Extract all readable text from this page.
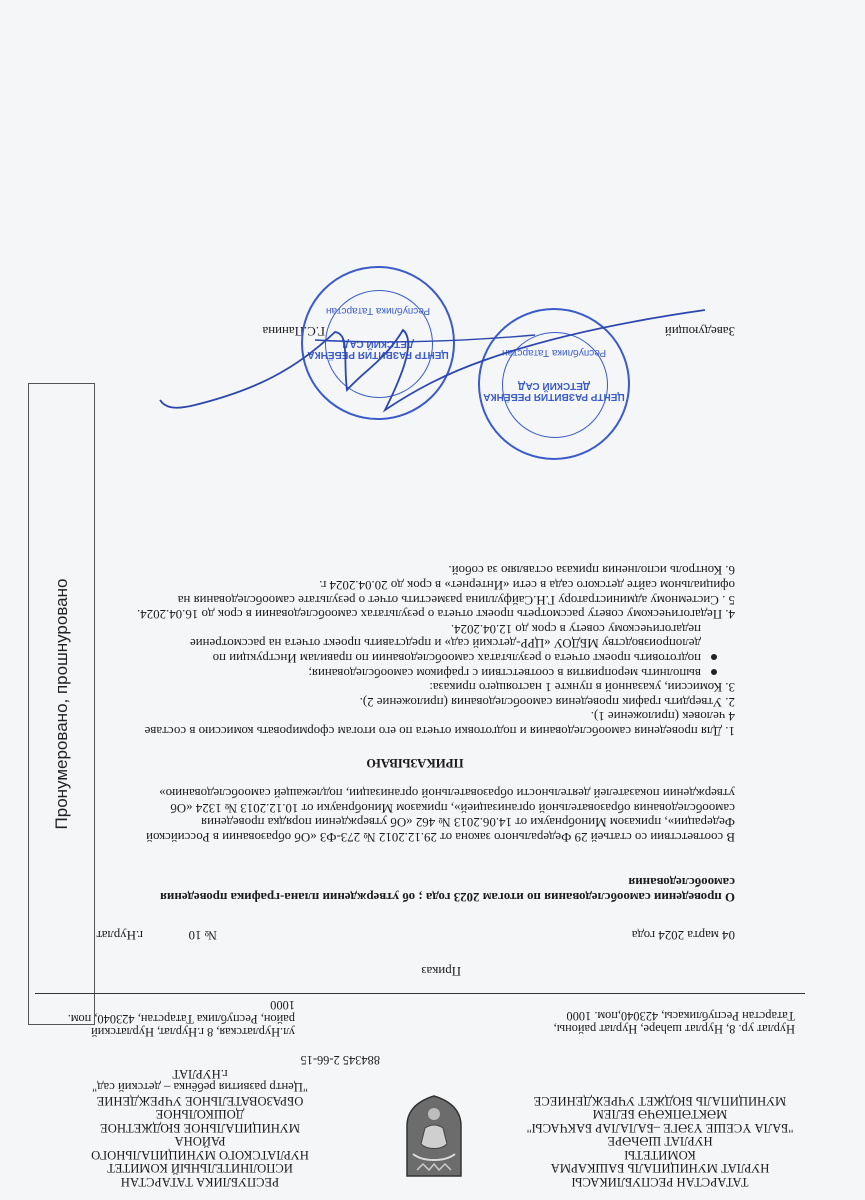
Пронумеровано, прошнуровано
ТАТАРСТАН РЕСПУБЛИКАСЫ
НУРЛАТ МУНИЦИПАЛЬ БАШКАРМА
КОМИТЕТЫ
НУРЛАТ ШӘҺӘРЕ
"БАЛА ҮСЕШЕ ҮЗӘГЕ –БАЛАЛАР БАКЧАСЫ"
МӘКТӘПКӘЧӘ БЕЛЕМ
МУНИЦИПАЛЬ БЮДЖЕТ УЧРЕЖДЕНИЕСЕ
РЕСПУБЛИКА ТАТАРСТАН
ИСПОЛНИТЕЛЬНЫЙ КОМИТЕТ
НУРЛАТСКОГО МУНИЦИПАЛЬНОГО
РАЙОНА
МУНИЦИПАЛЬНОЕ БЮДЖЕТНОЕ
ДОШКОЛЬНОЕ
ОБРАЗОВАТЕЛЬНОЕ УЧРЕЖДЕНИЕ
"Центр развития ребёнка – детский сад"
г.НУРЛАТ
884345 2-66-15
Нурлат ур. 8, Нурлат шәһәре, Нурлат районы,
Татарстан Республикасы, 423040,пом. 1000
ул.Нурлатская, 8 г.Нурлат, Нурлатский
район, Республика Татарстан, 423040, пом.
1000
Приказ
04 марта 2024 года
№ 10
г.Нурлат
О проведении самообследования по итогам 2023 года ; об утверждении плана-графика проведения
самообследования
В соответствии со статьей 29 Федерального закона от 29.12.2012 № 273-ФЗ «Об образовании в Российской
Федерации», приказом Минобрнауки от 14.06.2013 № 462 «Об утверждении порядка проведения
самообследования образовательной организацией», приказом Минобрнауки от 10.12.2013 № 1324 «Об
утверждении показателей деятельности образовательной организации, подлежащей самообследованию»
ПРИКАЗЫВАЮ
1. Для проведения самообследования и подготовки отчета по его итогам сформировать комиссию в составе
4 человек (приложение 1).
2. Утвердить график проведения самообследования (приложение 2).
3. Комиссии, указанной в пункте 1 настоящего приказа:
выполнить мероприятия в соответствии с графиком самообследования;
подготовить проект отчета о результатах самообследовании по правилам Инструкции по
делопроизводству МБДОУ «ЦРР-детский сад» и представить проект отчета на рассмотрение
педагогическому совету в срок до 12.04.2024.
4. Педагогическому совету рассмотреть проект отчета о результатах самообследовании в срок до 16.04.2024.
5 . Системному администратору Г.Н.Сайфуллина разместить отчет о результате самообследования на
официальном сайте детского сада в сети «Интернет» в срок до 20.04.2024 г.
6. Контроль исполнения приказа оставляю за собой.
Заведующий
Г.С.Панина
ЦЕНТР РАЗВИТИЯ РЕБЁНКА ДЕТСКИЙ САД
Республика Татарстан
ЦЕНТР РАЗВИТИЯ РЕБЁНКА ДЕТСКИЙ САД
Республика Татарстан
